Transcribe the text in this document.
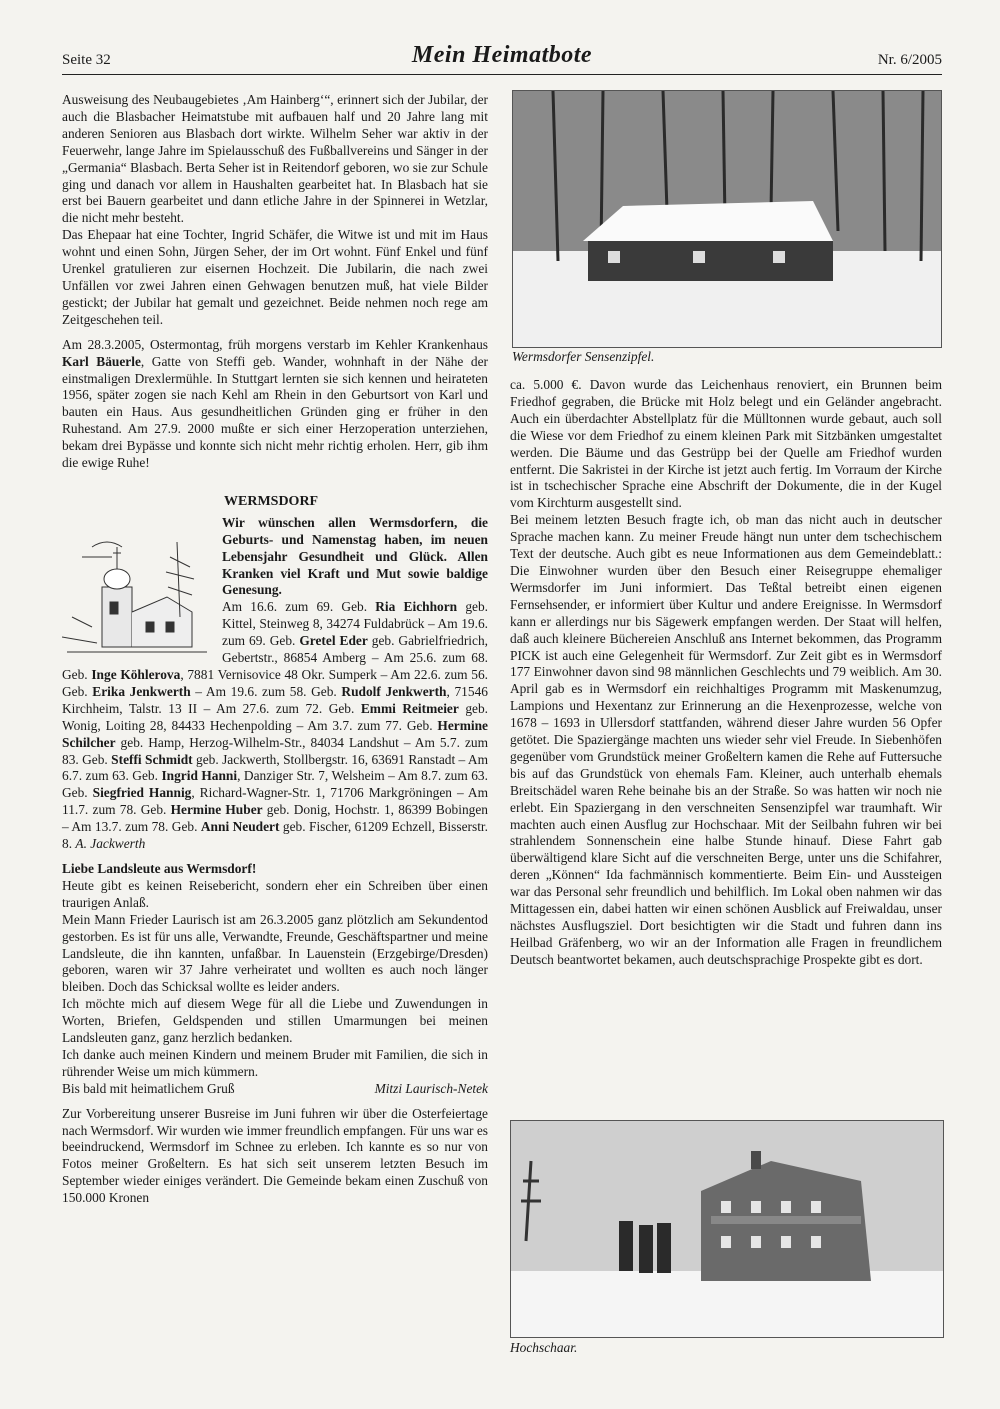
Seite 32	Mein Heimatbote	Nr. 6/2005

Ausweisung des Neubaugebietes ‚Am Hainberg‘“, erinnert sich der Jubilar, der auch die Blasbacher Heimatstube mit aufbauen half und 20 Jahre lang mit anderen Senioren aus Blasbach dort wirkte. Wilhelm Seher war aktiv in der Feuerwehr, lange Jahre im Spielausschuß des Fußballvereins und Sänger in der „Germania“ Blasbach. Berta Seher ist in Reitendorf geboren, wo sie zur Schule ging und danach vor allem in Haushalten gearbeitet hat. In Blasbach hat sie erst bei Bauern gearbeitet und dann etliche Jahre in der Spinnerei in Wetzlar, die nicht mehr besteht.

Das Ehepaar hat eine Tochter, Ingrid Schäfer, die Witwe ist und mit im Haus wohnt und einen Sohn, Jürgen Seher, der im Ort wohnt. Fünf Enkel und fünf Urenkel gratulieren zur eisernen Hochzeit. Die Jubilarin, die nach zwei Unfällen vor zwei Jahren einen Gehwagen benutzen muß, hat viele Bilder gestickt; der Jubilar hat gemalt und gezeichnet. Beide nehmen noch rege am Zeitgeschehen teil.

Am 28.3.2005, Ostermontag, früh morgens verstarb im Kehler Krankenhaus Karl Bäuerle, Gatte von Steffi geb. Wander, wohnhaft in der Nähe der einstmaligen Drexlermühle. In Stuttgart lernten sie sich kennen und heirateten 1956, später zogen sie nach Kehl am Rhein in den Geburtsort von Karl und bauten ein Haus. Aus gesundheitlichen Gründen ging er früher in den Ruhestand. Am 27.9. 2000 mußte er sich einer Herzoperation unterziehen, bekam drei Bypässe und konnte sich nicht mehr richtig erholen. Herr, gib ihm die ewige Ruhe!

WERMSDORF

Wir wünschen allen Wermsdorfern, die Geburts- und Namenstag haben, im neuen Lebensjahr Gesundheit und Glück. Allen Kranken viel Kraft und Mut sowie baldige Genesung.

Am 16.6. zum 69. Geb. Ria Eichhorn geb. Kittel, Steinweg 8, 34274 Fuldabrück – Am 19.6. zum 69. Geb. Gretel Eder geb. Gabrielfriedrich, Gebertstr., 86854 Amberg – Am 25.6. zum 68. Geb. Inge Köhlerova, 7881 Vernisovice 48 Okr. Sumperk – Am 22.6. zum 56. Geb. Erika Jenkwerth – Am 19.6. zum 58. Geb. Rudolf Jenkwerth, 71546 Kirchheim, Talstr. 13 II – Am 27.6. zum 72. Geb. Emmi Reitmeier geb. Wonig, Loiting 28, 84433 Hechenpolding – Am 3.7. zum 77. Geb. Hermine Schilcher geb. Hamp, Herzog-Wilhelm-Str., 84034 Landshut – Am 5.7. zum 83. Geb. Steffi Schmidt geb. Jackwerth, Stollbergstr. 16, 63691 Ranstadt – Am 6.7. zum 63. Geb. Ingrid Hanni, Danziger Str. 7, Welsheim – Am 8.7. zum 63. Geb. Siegfried Hannig, Richard-Wagner-Str. 1, 71706 Markgröningen – Am 11.7. zum 78. Geb. Hermine Huber geb. Donig, Hochstr. 1, 86399 Bobingen – Am 13.7. zum 78. Geb. Anni Neudert geb. Fischer, 61209 Echzell, Bisserstr. 8. A. Jackwerth

Liebe Landsleute aus Wermsdorf!

Heute gibt es keinen Reisebericht, sondern eher ein Schreiben über einen traurigen Anlaß.

Mein Mann Frieder Laurisch ist am 26.3.2005 ganz plötzlich am Sekundentod gestorben. Es ist für uns alle, Verwandte, Freunde, Geschäftspartner und meine Landsleute, die ihn kannten, unfaßbar. In Lauenstein (Erzgebirge/Dresden) geboren, waren wir 37 Jahre verheiratet und wollten es auch noch länger bleiben. Doch das Schicksal wollte es leider anders.

Ich möchte mich auf diesem Wege für all die Liebe und Zuwendungen in Worten, Briefen, Geldspenden und stillen Umarmungen bei meinen Landsleuten ganz, ganz herzlich bedanken.

Ich danke auch meinen Kindern und meinem Bruder mit Familien, die sich in rührender Weise um mich kümmern.

Bis bald mit heimatlichem Gruß	Mitzi Laurisch-Netek

Zur Vorbereitung unserer Busreise im Juni fuhren wir über die Osterfeiertage nach Wermsdorf. Wir wurden wie immer freundlich empfangen. Für uns war es beeindruckend, Wermsdorf im Schnee zu erleben. Ich kannte es so nur von Fotos meiner Großeltern. Es hat sich seit unserem letzten Besuch im September wieder einiges verändert. Die Gemeinde bekam einen Zuschuß von 150.000 Kronen

Wermsdorfer Sensenzipfel.

ca. 5.000 €. Davon wurde das Leichenhaus renoviert, ein Brunnen beim Friedhof gegraben, die Brücke mit Holz belegt und ein Geländer angebracht. Auch ein überdachter Abstellplatz für die Mülltonnen wurde gebaut, auch soll die Wiese vor dem Friedhof zu einem kleinen Park mit Sitzbänken umgestaltet werden. Die Bäume und das Gestrüpp bei der Quelle am Friedhof wurden entfernt. Die Sakristei in der Kirche ist jetzt auch fertig. Im Vorraum der Kirche ist in tschechischer Sprache eine Abschrift der Dokumente, die in der Kugel vom Kirchturm ausgestellt sind.

Bei meinem letzten Besuch fragte ich, ob man das nicht auch in deutscher Sprache machen kann. Zu meiner Freude hängt nun unter dem tschechischem Text der deutsche. Auch gibt es neue Informationen aus dem Gemeindeblatt.: Die Einwohner wurden über den Besuch einer Reisegruppe ehemaliger Wermsdorfer im Juni informiert. Das Teßtal betreibt einen eigenen Fernsehsender, er informiert über Kultur und andere Ereignisse. In Wermsdorf kann er allerdings nur bis Sägewerk empfangen werden. Der Staat will helfen, daß auch kleinere Büchereien Anschluß ans Internet bekommen, das Programm PICK ist auch eine Gelegenheit für Wermsdorf. Zur Zeit gibt es in Wermsdorf 177 Einwohner davon sind 98 männlichen Geschlechts und 79 weiblich. Am 30. April gab es in Wermsdorf ein reichhaltiges Programm mit Maskenumzug, Lampions und Hexentanz zur Erinnerung an die Hexenprozesse, welche von 1678 – 1693 in Ullersdorf stattfanden, während dieser Jahre wurden 56 Opfer getötet. Die Spaziergänge machten uns wieder sehr viel Freude. In Siebenhöfen gegenüber vom Grundstück meiner Großeltern kamen die Rehe auf Futtersuche bis auf das Grundstück von ehemals Fam. Kleiner, auch unterhalb ehemals Breitschädel waren Rehe beinahe bis an der Straße. So was hatten wir noch nie erlebt. Ein Spaziergang in den verschneiten Sensenzipfel war traumhaft. Wir machten auch einen Ausflug zur Hochschaar. Mit der Seilbahn fuhren wir bei strahlendem Sonnenschein eine halbe Stunde hinauf. Diese Fahrt gab überwältigend klare Sicht auf die verschneiten Berge, unter uns die Schifahrer, deren „Können“ Ida fachmännisch kommentierte. Beim Ein- und Aussteigen war das Personal sehr freundlich und behilflich. Im Lokal oben nahmen wir das Mittagessen ein, dabei hatten wir einen schönen Ausblick auf Freiwaldau, unser nächstes Ausflugsziel. Dort besichtigten wir die Stadt und fuhren dann ins Heilbad Gräfenberg, wo wir an der Information alle Fragen in freundlichem Deutsch beantwortet bekamen, auch deutschsprachige Prospekte gibt es dort.

Hochschaar.
